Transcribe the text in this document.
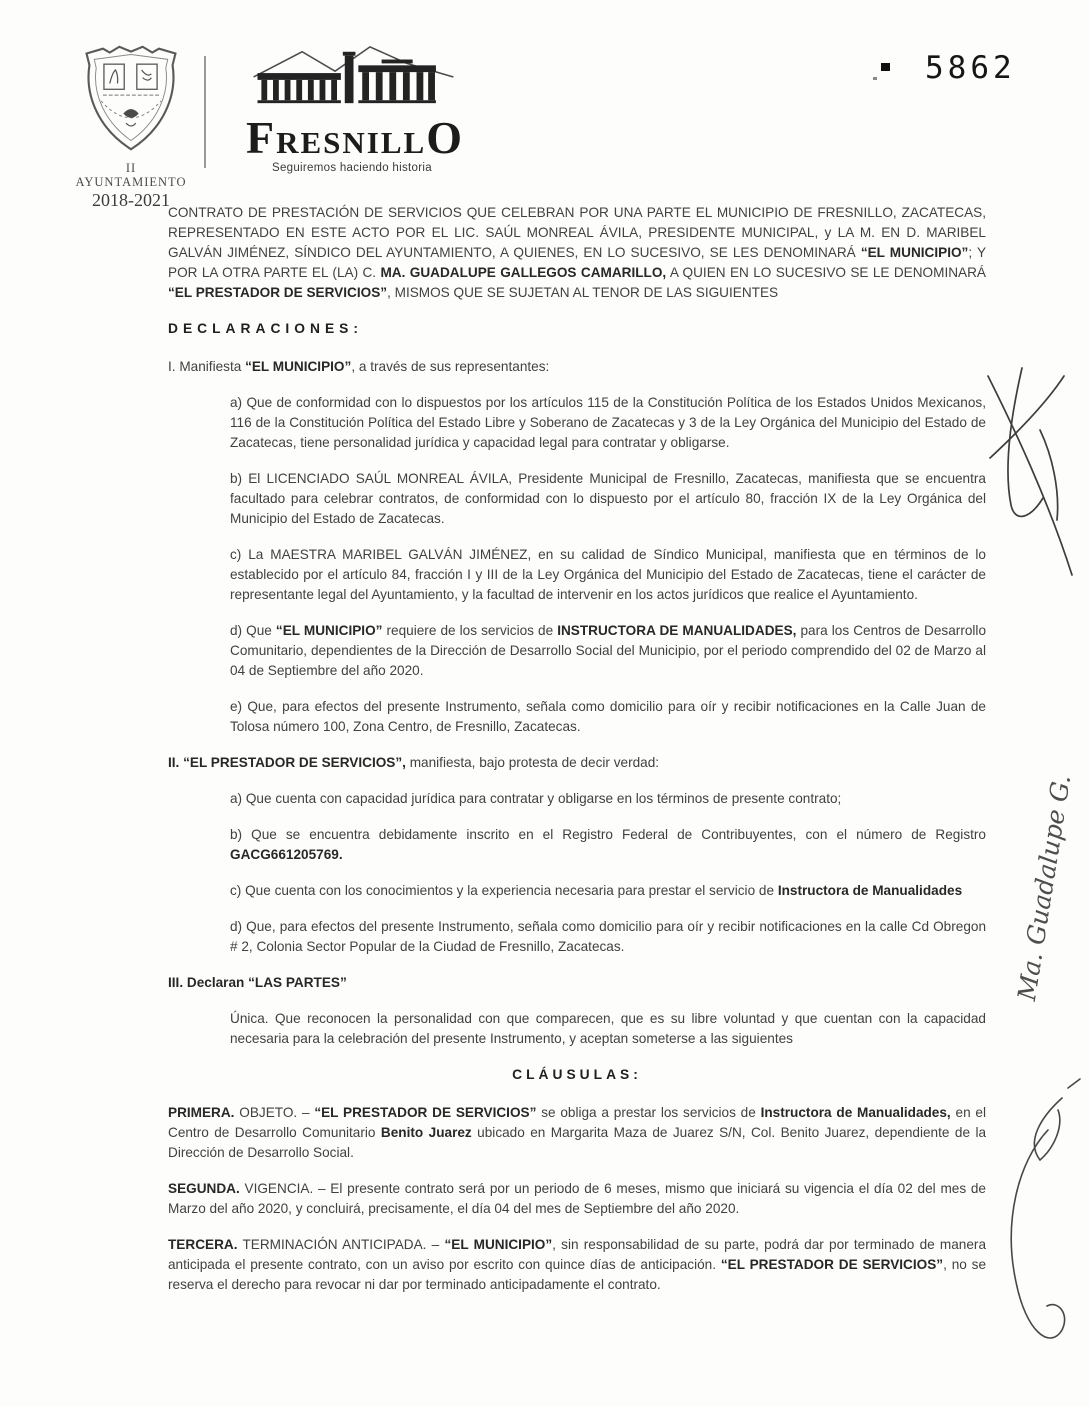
II AYUNTAMIENTO
2018-2021
FRESNILLO
Seguiremos haciendo historia
5862

CONTRATO DE PRESTACIÓN DE SERVICIOS QUE CELEBRAN POR UNA PARTE EL MUNICIPIO DE FRESNILLO, ZACATECAS, REPRESENTADO EN ESTE ACTO POR EL LIC. SAÚL MONREAL ÁVILA, PRESIDENTE MUNICIPAL, y LA M. EN D. MARIBEL GALVÁN JIMÉNEZ, SÍNDICO DEL AYUNTAMIENTO, A QUIENES, EN LO SUCESIVO, SE LES DENOMINARÁ “EL MUNICIPIO”; Y POR LA OTRA PARTE EL (LA) C. MA. GUADALUPE GALLEGOS CAMARILLO, A QUIEN EN LO SUCESIVO SE LE DENOMINARÁ “EL PRESTADOR DE SERVICIOS”, MISMOS QUE SE SUJETAN AL TENOR DE LAS SIGUIENTES

DECLARACIONES:

I. Manifiesta “EL MUNICIPIO”, a través de sus representantes:

a) Que de conformidad con lo dispuestos por los artículos 115 de la Constitución Política de los Estados Unidos Mexicanos, 116 de la Constitución Política del Estado Libre y Soberano de Zacatecas y 3 de la Ley Orgánica del Municipio del Estado de Zacatecas, tiene personalidad jurídica y capacidad legal para contratar y obligarse.

b) El LICENCIADO SAÚL MONREAL ÁVILA, Presidente Municipal de Fresnillo, Zacatecas, manifiesta que se encuentra facultado para celebrar contratos, de conformidad con lo dispuesto por el artículo 80, fracción IX de la Ley Orgánica del Municipio del Estado de Zacatecas.

c) La MAESTRA MARIBEL GALVÁN JIMÉNEZ, en su calidad de Síndico Municipal, manifiesta que en términos de lo establecido por el artículo 84, fracción I y III de la Ley Orgánica del Municipio del Estado de Zacatecas, tiene el carácter de representante legal del Ayuntamiento, y la facultad de intervenir en los actos jurídicos que realice el Ayuntamiento.

d) Que “EL MUNICIPIO” requiere de los servicios de INSTRUCTORA DE MANUALIDADES, para los Centros de Desarrollo Comunitario, dependientes de la Dirección de Desarrollo Social del Municipio, por el periodo comprendido del 02 de Marzo al 04 de Septiembre del año 2020.

e) Que, para efectos del presente Instrumento, señala como domicilio para oír y recibir notificaciones en la Calle Juan de Tolosa número 100, Zona Centro, de Fresnillo, Zacatecas.

II. “EL PRESTADOR DE SERVICIOS”, manifiesta, bajo protesta de decir verdad:

a) Que cuenta con capacidad jurídica para contratar y obligarse en los términos de presente contrato;

b) Que se encuentra debidamente inscrito en el Registro Federal de Contribuyentes, con el número de Registro GACG661205769.

c) Que cuenta con los conocimientos y la experiencia necesaria para prestar el servicio de Instructora de Manualidades

d) Que, para efectos del presente Instrumento, señala como domicilio para oír y recibir notificaciones en la calle Cd Obregon # 2, Colonia Sector Popular de la Ciudad de Fresnillo, Zacatecas.

III. Declaran “LAS PARTES”

Única. Que reconocen la personalidad con que comparecen, que es su libre voluntad y que cuentan con la capacidad necesaria para la celebración del presente Instrumento, y aceptan someterse a las siguientes

CLÁUSULAS:

PRIMERA. OBJETO. – “EL PRESTADOR DE SERVICIOS” se obliga a prestar los servicios de Instructora de Manualidades, en el Centro de Desarrollo Comunitario Benito Juarez ubicado en Margarita Maza de Juarez S/N, Col. Benito Juarez, dependiente de la Dirección de Desarrollo Social.

SEGUNDA. VIGENCIA. – El presente contrato será por un periodo de 6 meses, mismo que iniciará su vigencia el día 02 del mes de Marzo del año 2020, y concluirá, precisamente, el día 04 del mes de Septiembre del año 2020.

TERCERA. TERMINACIÓN ANTICIPADA. – “EL MUNICIPIO”, sin responsabilidad de su parte, podrá dar por terminado de manera anticipada el presente contrato, con un aviso por escrito con quince días de anticipación. “EL PRESTADOR DE SERVICIOS”, no se reserva el derecho para revocar ni dar por terminado anticipadamente el contrato.

Ma. Guadalupe G.
